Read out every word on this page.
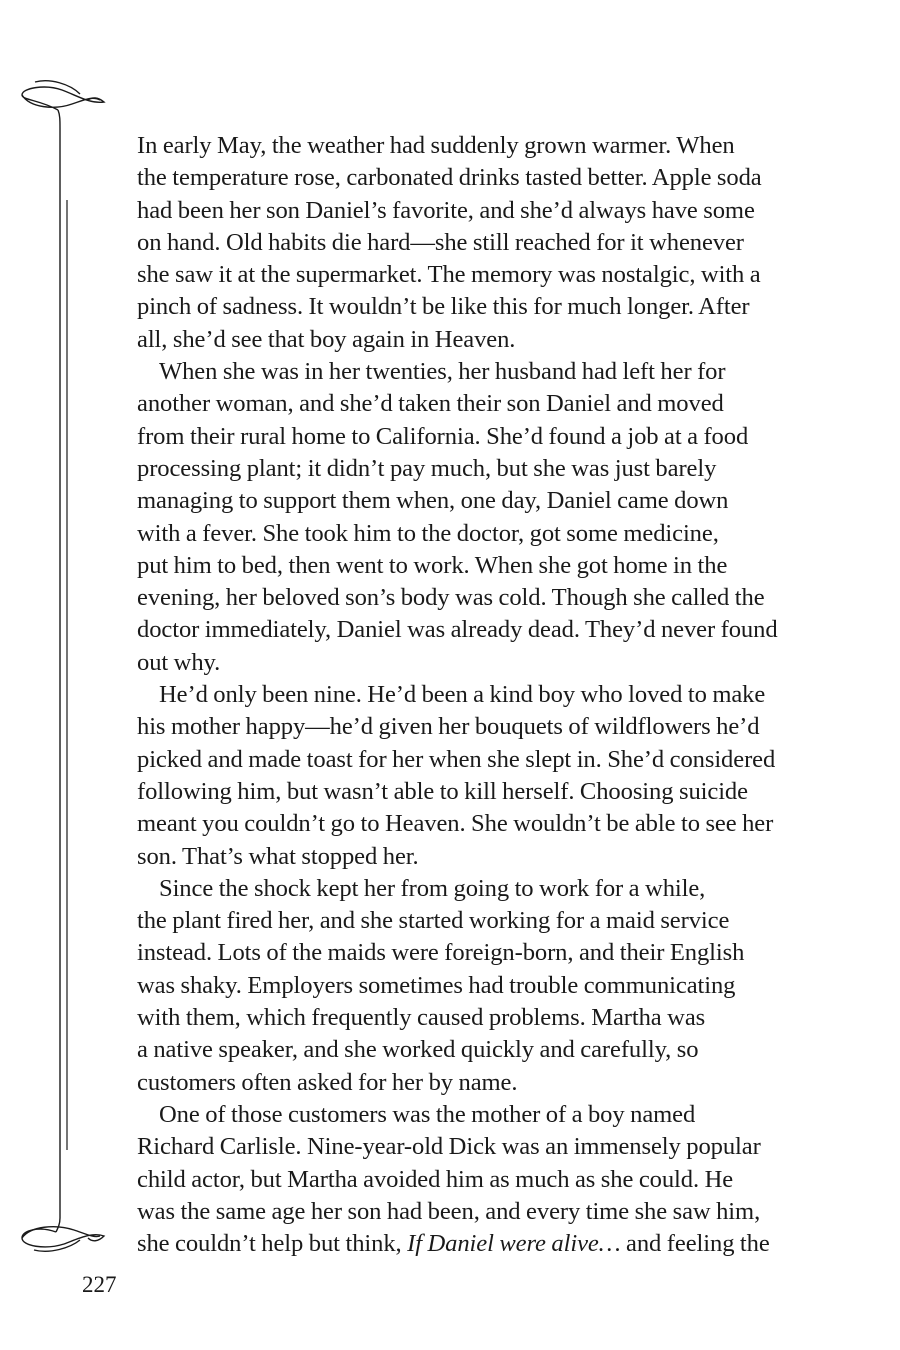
In early May, the weather had suddenly grown warmer. When
the temperature rose, carbonated drinks tasted better. Apple soda
had been her son Daniel’s favorite, and she’d always have some
on hand. Old habits die hard—she still reached for it whenever
she saw it at the supermarket. The memory was nostalgic, with a
pinch of sadness. It wouldn’t be like this for much longer. After
all, she’d see that boy again in Heaven.

When she was in her twenties, her husband had left her for
another woman, and she’d taken their son Daniel and moved
from their rural home to California. She’d found a job at a food
processing plant; it didn’t pay much, but she was just barely
managing to support them when, one day, Daniel came down
with a fever. She took him to the doctor, got some medicine,
put him to bed, then went to work. When she got home in the
evening, her beloved son’s body was cold. Though she called the
doctor immediately, Daniel was already dead. They’d never found
out why.

He’d only been nine. He’d been a kind boy who loved to make
his mother happy—he’d given her bouquets of wildflowers he’d
picked and made toast for her when she slept in. She’d considered
following him, but wasn’t able to kill herself. Choosing suicide
meant you couldn’t go to Heaven. She wouldn’t be able to see her
son. That’s what stopped her.

Since the shock kept her from going to work for a while,
the plant fired her, and she started working for a maid service
instead. Lots of the maids were foreign-born, and their English
was shaky. Employers sometimes had trouble communicating
with them, which frequently caused problems. Martha was
a native speaker, and she worked quickly and carefully, so
customers often asked for her by name.

One of those customers was the mother of a boy named
Richard Carlisle. Nine-year-old Dick was an immensely popular
child actor, but Martha avoided him as much as she could. He
was the same age her son had been, and every time she saw him,
she couldn’t help but think, If Daniel were alive… and feeling the

227
